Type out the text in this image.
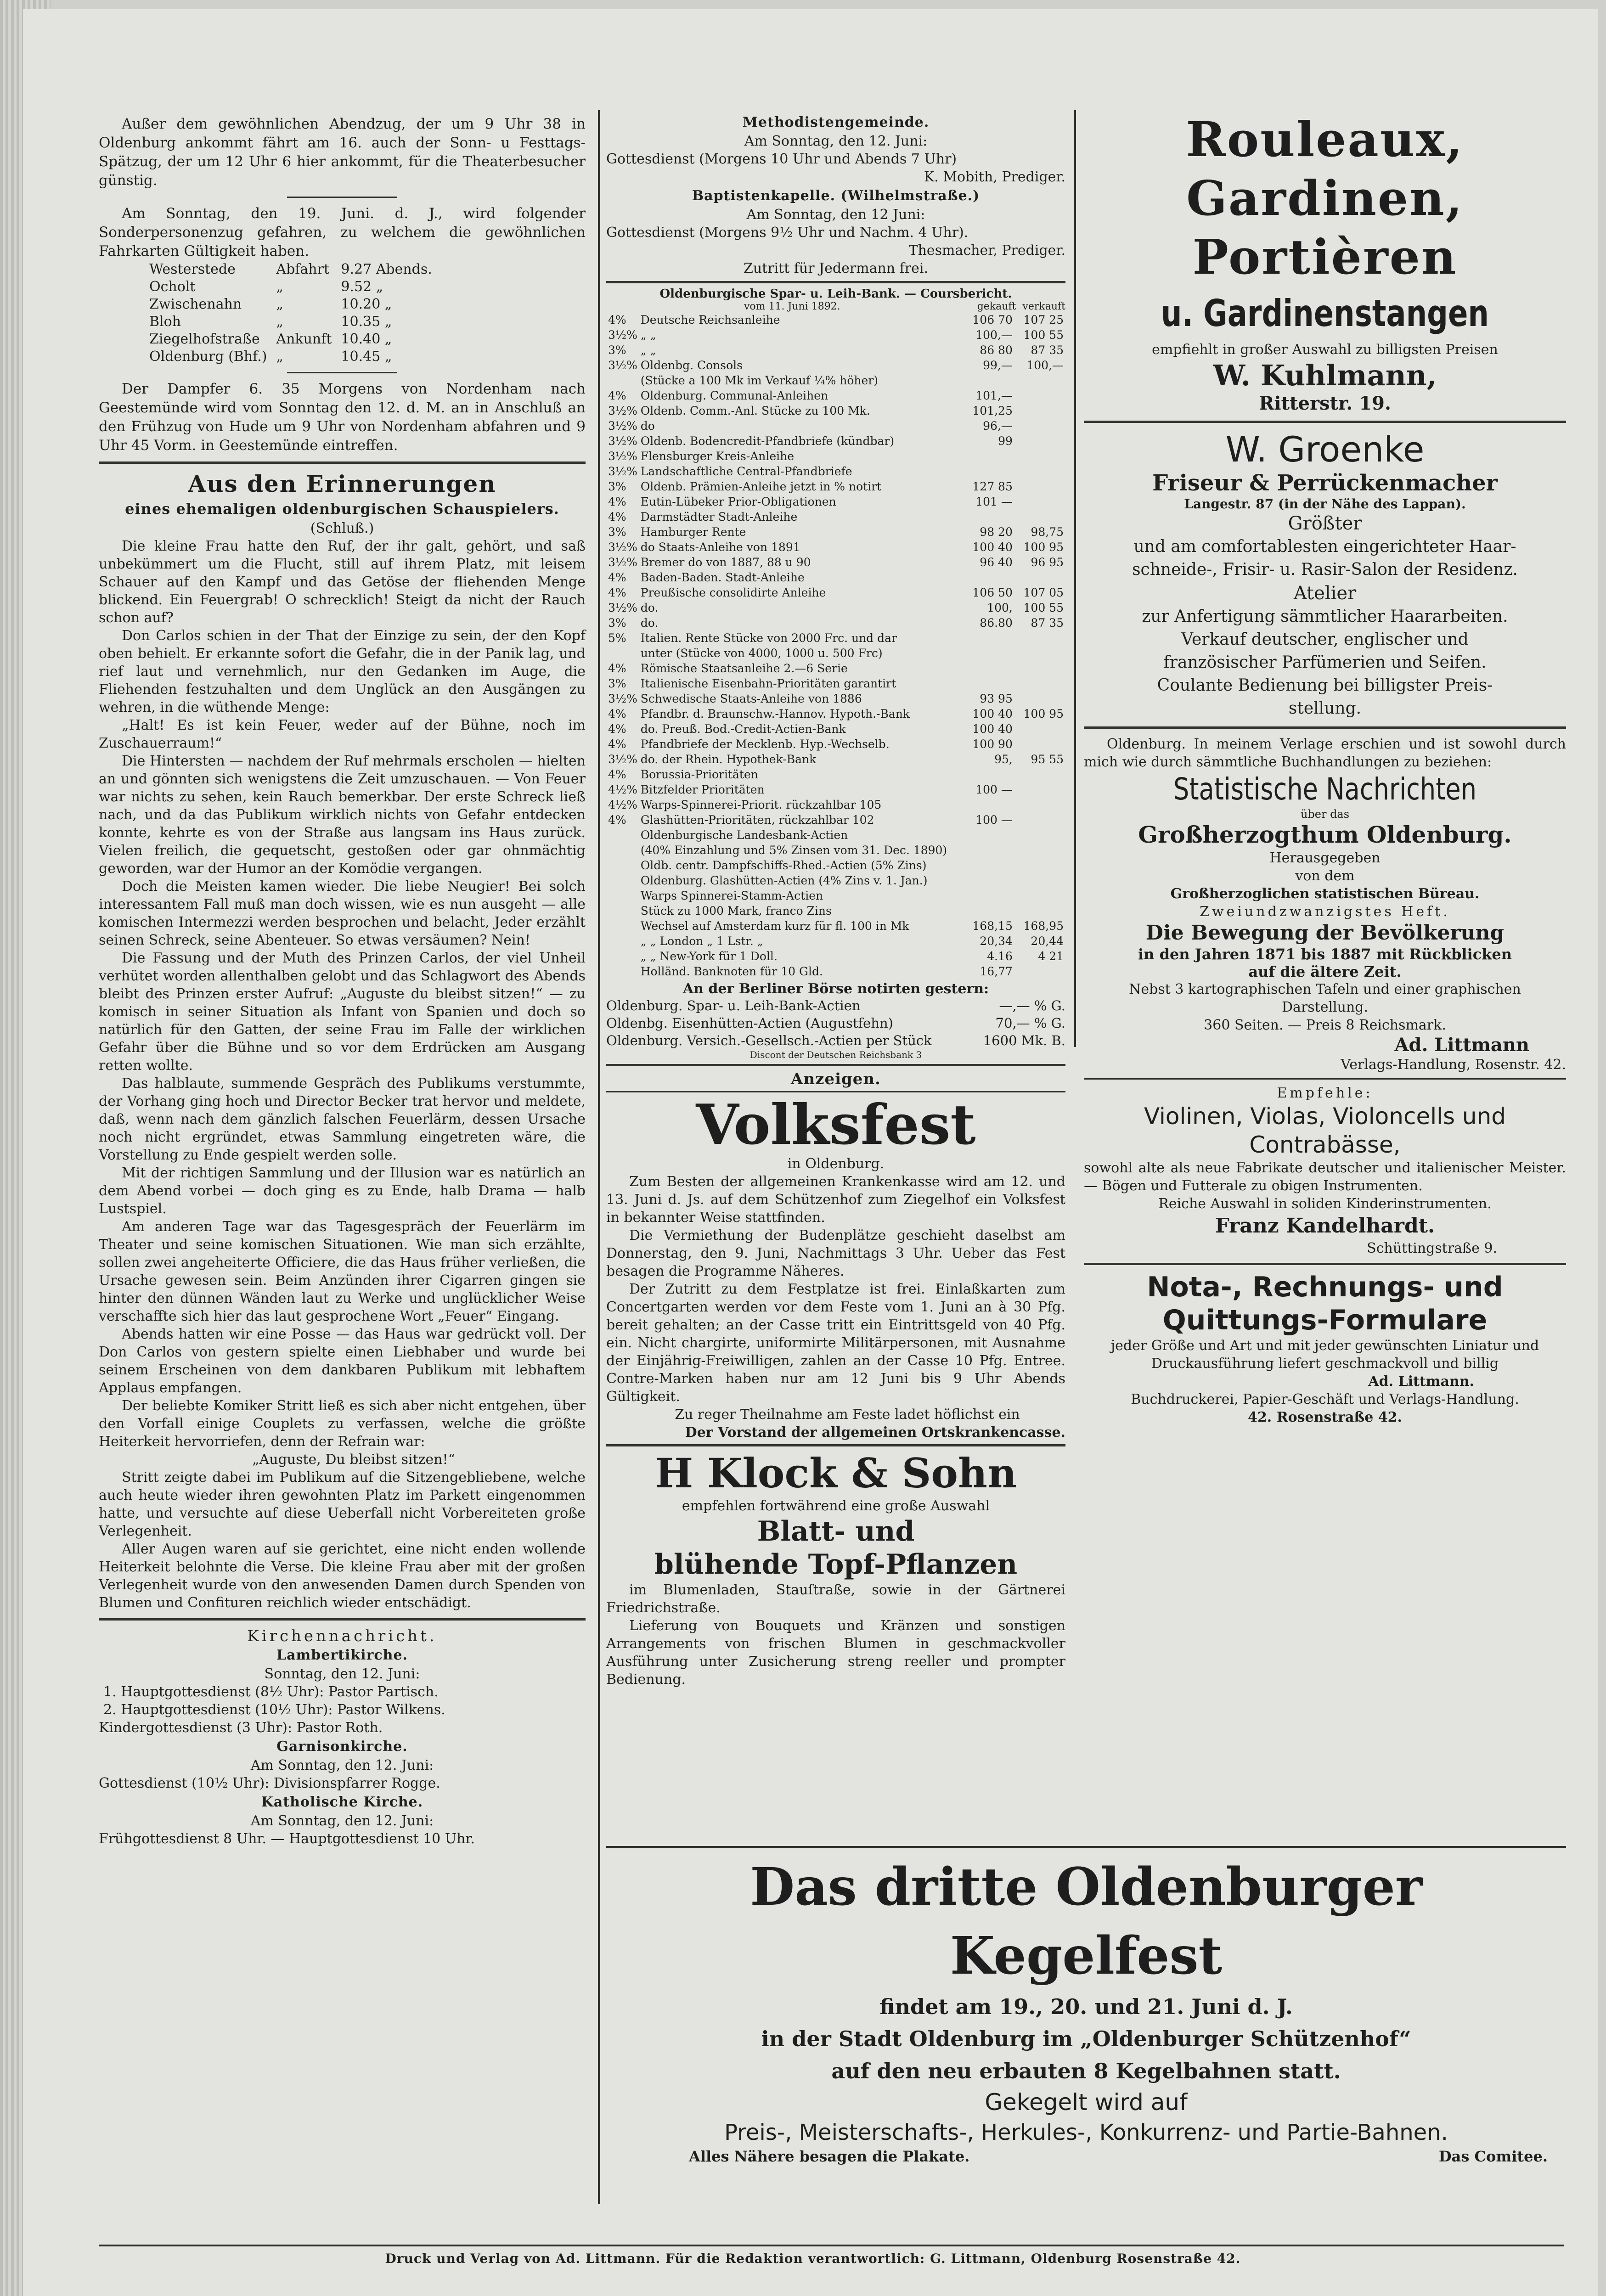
Außer dem gewöhnlichen Abendzug, der um 9 Uhr 38 in Oldenburg ankommt fährt am 16. auch der Sonn- u Festtags-Spätzug, der um 12 Uhr 6 hier ankommt, für die Theaterbesucher günstig.

Am Sonntag, den 19. Juni. d. J., wird folgender Sonderpersonenzug gefahren, zu welchem die gewöhnlichen Fahrkarten Gültigkeit haben.

Westerstede	Abfahrt	9.27 Abends.
Ocholt	„	9.52 „
Zwischenahn	„	10.20 „
Bloh	„	10.35 „
Ziegelhofstraße	Ankunft	10.40 „
Oldenburg (Bhf.)	„	10.45 „

Der Dampfer 6. 35 Morgens von Nordenham nach Geestemünde wird vom Sonntag den 12. d. M. an in Anschluß an den Frühzug von Hude um 9 Uhr von Nordenham abfahren und 9 Uhr 45 Vorm. in Geestemünde eintreffen.

Aus den Erinnerungen
eines ehemaligen oldenburgischen Schauspielers.
(Schluß.)

Die kleine Frau hatte den Ruf, der ihr galt, gehört, und saß unbekümmert um die Flucht, still auf ihrem Platz, mit leisem Schauer auf den Kampf und das Getöse der fliehenden Menge blickend. Ein Feuergrab! O schrecklich! Steigt da nicht der Rauch schon auf?

Don Carlos schien in der That der Einzige zu sein, der den Kopf oben behielt. Er erkannte sofort die Gefahr, die in der Panik lag, und rief laut und vernehmlich, nur den Gedanken im Auge, die Fliehenden festzuhalten und dem Unglück an den Ausgängen zu wehren, in die wüthende Menge:

„Halt! Es ist kein Feuer, weder auf der Bühne, noch im Zuschauerraum!“

Die Hintersten — nachdem der Ruf mehrmals erscholen — hielten an und gönnten sich wenigstens die Zeit umzuschauen. — Von Feuer war nichts zu sehen, kein Rauch bemerkbar. Der erste Schreck ließ nach, und da das Publikum wirklich nichts von Gefahr entdecken konnte, kehrte es von der Straße aus langsam ins Haus zurück. Vielen freilich, die gequetscht, gestoßen oder gar ohnmächtig geworden, war der Humor an der Komödie vergangen.

Doch die Meisten kamen wieder. Die liebe Neugier! Bei solch interessantem Fall muß man doch wissen, wie es nun ausgeht — alle komischen Intermezzi werden besprochen und belacht, Jeder erzählt seinen Schreck, seine Abenteuer. So etwas versäumen? Nein!

Die Fassung und der Muth des Prinzen Carlos, der viel Unheil verhütet worden allenthalben gelobt und das Schlagwort des Abends bleibt des Prinzen erster Aufruf: „Auguste du bleibst sitzen!“ — zu komisch in seiner Situation als Infant von Spanien und doch so natürlich für den Gatten, der seine Frau im Falle der wirklichen Gefahr über die Bühne und so vor dem Erdrücken am Ausgang retten wollte.

Das halblaute, summende Gespräch des Publikums verstummte, der Vorhang ging hoch und Director Becker trat hervor und meldete, daß, wenn nach dem gänzlich falschen Feuerlärm, dessen Ursache noch nicht ergründet, etwas Sammlung eingetreten wäre, die Vorstellung zu Ende gespielt werden solle.

Mit der richtigen Sammlung und der Illusion war es natürlich an dem Abend vorbei — doch ging es zu Ende, halb Drama — halb Lustspiel.

Am anderen Tage war das Tagesgespräch der Feuerlärm im Theater und seine komischen Situationen. Wie man sich erzählte, sollen zwei angeheiterte Officiere, die das Haus früher verließen, die Ursache gewesen sein. Beim Anzünden ihrer Cigarren gingen sie hinter den dünnen Wänden laut zu Werke und unglücklicher Weise verschaffte sich hier das laut gesprochene Wort „Feuer“ Eingang.

Abends hatten wir eine Posse — das Haus war gedrückt voll. Der Don Carlos von gestern spielte einen Liebhaber und wurde bei seinem Erscheinen von dem dankbaren Publikum mit lebhaftem Applaus empfangen.

Der beliebte Komiker Stritt ließ es sich aber nicht entgehen, über den Vorfall einige Couplets zu verfassen, welche die größte Heiterkeit hervorriefen, denn der Refrain war:

„Auguste, Du bleibst sitzen!“

Stritt zeigte dabei im Publikum auf die Sitzengebliebene, welche auch heute wieder ihren gewohnten Platz im Parkett eingenommen hatte, und versuchte auf diese Ueberfall nicht Vorbereiteten große Verlegenheit.

Aller Augen waren auf sie gerichtet, eine nicht enden wollende Heiterkeit belohnte die Verse. Die kleine Frau aber mit der großen Verlegenheit wurde von den anwesenden Damen durch Spenden von Blumen und Confituren reichlich wieder entschädigt.

Kirchennachricht.
Lambertikirche.
Sonntag, den 12. Juni:
1. Hauptgottesdienst (8½ Uhr): Pastor Partisch.
2. Hauptgottesdienst (10½ Uhr): Pastor Wilkens.
Kindergottesdienst (3 Uhr): Pastor Roth.
Garnisonkirche.
Am Sonntag, den 12. Juni:
Gottesdienst (10½ Uhr): Divisionspfarrer Rogge.
Katholische Kirche.
Am Sonntag, den 12. Juni:
Frühgottesdienst 8 Uhr. — Hauptgottesdienst 10 Uhr.
Methodistengemeinde.
Am Sonntag, den 12. Juni:
Gottesdienst (Morgens 10 Uhr und Abends 7 Uhr)
K. Mobith, Prediger.
Baptistenkapelle. (Wilhelmstraße.)
Am Sonntag, den 12 Juni:
Gottesdienst (Morgens 9½ Uhr und Nachm. 4 Uhr).
Thesmacher, Prediger.
Zutritt für Jedermann frei.
Oldenburgische Spar- u. Leih-Bank. — Coursbericht.
vom 11. Juni 1892.	gekauft verkauft
4%	Deutsche Reichsanleihe	106 70	107 25
3½%	„ „	100,—	100 55
3%	„ „	86 80	87 35
3½%	Oldenbg. Consols	99,—	100,—
	(Stücke a 100 Mk im Verkauf ¼% höher)		
4%	Oldenburg. Communal-Anleihen	101,—	
3½%	Oldenb. Comm.-Anl. Stücke zu 100 Mk.	101,25	
3½%	do	96,—	
3½%	Oldenb. Bodencredit-Pfandbriefe (kündbar)	99	
3½%	Flensburger Kreis-Anleihe		
3½%	Landschaftliche Central-Pfandbriefe		
3%	Oldenb. Prämien-Anleihe jetzt in % notirt	127 85	
4%	Eutin-Lübeker Prior-Obligationen	101 —	
4%	Darmstädter Stadt-Anleihe		
3%	Hamburger Rente	98 20	98,75
3½%	do Staats-Anleihe von 1891	100 40	100 95
3½%	Bremer do von 1887, 88 u 90	96 40	96 95
4%	Baden-Baden. Stadt-Anleihe		
4%	Preußische consolidirte Anleihe	106 50	107 05
3½%	do.	100,	100 55
3%	do.	86.80	87 35
5%	Italien. Rente Stücke von 2000 Frc. und dar		
	unter (Stücke von 4000, 1000 u. 500 Frc)		
4%	Römische Staatsanleihe 2.—6 Serie		
3%	Italienische Eisenbahn-Prioritäten garantirt		
3½%	Schwedische Staats-Anleihe von 1886	93 95	
4%	Pfandbr. d. Braunschw.-Hannov. Hypoth.-Bank	100 40	100 95
4%	do. Preuß. Bod.-Credit-Actien-Bank	100 40	
4%	Pfandbriefe der Mecklenb. Hyp.-Wechselb.	100 90	
3½%	do. der Rhein. Hypothek-Bank	95,	95 55
4%	Borussia-Prioritäten		
4½%	Bitzfelder Prioritäten	100 —	
4½%	Warps-Spinnerei-Priorit. rückzahlbar 105		
4%	Glashütten-Prioritäten, rückzahlbar 102	100 —	
	Oldenburgische Landesbank-Actien		
	(40% Einzahlung und 5% Zinsen vom 31. Dec. 1890)		
	Oldb. centr. Dampfschiffs-Rhed.-Actien (5% Zins)		
	Oldenburg. Glashütten-Actien (4% Zins v. 1. Jan.)		
	Warps Spinnerei-Stamm-Actien		
	Stück zu 1000 Mark, franco Zins		
	Wechsel auf Amsterdam kurz für fl. 100 in Mk	168,15	168,95
	„ „ London „ 1 Lstr. „	20,34	20,44
	„ „ New-York für 1 Doll.	4.16	4 21
	Holländ. Banknoten für 10 Gld.	16,77	
An der Berliner Börse notirten gestern:
Oldenburg. Spar- u. Leih-Bank-Actien	—,— % G.
Oldenbg. Eisenhütten-Actien (Augustfehn)	70,— % G.
Oldenburg. Versich.-Gesellsch.-Actien per Stück	1600 Mk. B.
Discont der Deutschen Reichsbank 3
Anzeigen.
Volksfest
in Oldenburg.

Zum Besten der allgemeinen Krankenkasse wird am 12. und 13. Juni d. Js. auf dem Schützenhof zum Ziegelhof ein Volksfest in bekannter Weise stattfinden.

Die Vermiethung der Budenplätze geschieht daselbst am Donnerstag, den 9. Juni, Nachmittags 3 Uhr. Ueber das Fest besagen die Programme Näheres.

Der Zutritt zu dem Festplatze ist frei. Einlaßkarten zum Concertgarten werden vor dem Feste vom 1. Juni an à 30 Pfg. bereit gehalten; an der Casse tritt ein Eintrittsgeld von 40 Pfg. ein. Nicht chargirte, uniformirte Militärpersonen, mit Ausnahme der Einjährig-Freiwilligen, zahlen an der Casse 10 Pfg. Entree. Contre-Marken haben nur am 12 Juni bis 9 Uhr Abends Gültigkeit.

Zu reger Theilnahme am Feste ladet höflichst ein

Der Vorstand der allgemeinen Ortskrankencasse.
H Klock & Sohn
empfehlen fortwährend eine große Auswahl
Blatt- und
blühende Topf-Pflanzen

im Blumenladen, Stauſtraße, sowie in der Gärtnerei Friedrichstraße.

Lieferung von Bouquets und Kränzen und sonstigen Arrangements von frischen Blumen in geschmackvoller Ausführung unter Zusicherung streng reeller und prompter Bedienung.

Rouleaux,
Gardinen,
Portièren
u. Gardinenstangen
empfiehlt in großer Auswahl zu billigsten Preisen
W. Kuhlmann,
Ritterstr. 19.
W. Groenke
Friseur & Perrückenmacher
Langestr. 87 (in der Nähe des Lappan).
Größter
und am comfortablesten eingerichteter Haar-
schneide-, Frisir- u. Rasir-Salon der Residenz.
Atelier
zur Anfertigung sämmtlicher Haararbeiten.
Verkauf deutscher, englischer und
französischer Parfümerien und Seifen.
Coulante Bedienung bei billigster Preis-
stellung.

Oldenburg. In meinem Verlage erschien und ist sowohl durch mich wie durch sämmtliche Buchhandlungen zu beziehen:

Statistische Nachrichten
über das
Großherzogthum Oldenburg.
Herausgegeben
von dem
Großherzoglichen statistischen Büreau.
Zweiundzwanzigstes Heft.
Die Bewegung der Bevölkerung
in den Jahren 1871 bis 1887 mit Rückblicken
auf die ältere Zeit.
Nebst 3 kartographischen Tafeln und einer graphischen Darstellung.
360 Seiten. — Preis 8 Reichsmark.
Ad. Littmann
Verlags-Handlung, Rosenstr. 42.
Empfehle:
Violinen, Violas, Violoncells und Contrabässe,

sowohl alte als neue Fabrikate deutscher und italienischer Meister. — Bögen und Futterale zu obigen Instrumenten.

Reiche Auswahl in soliden Kinderinstrumenten.
Franz Kandelhardt.
Schüttingstraße 9.
Nota-, Rechnungs- und
Quittungs-Formulare

jeder Größe und Art und mit jeder gewünschten Liniatur und Druckausführung liefert geschmackvoll und billig

Ad. Littmann.
Buchdruckerei, Papier-Geschäft und Verlags-Handlung.
42. Rosenstraße 42.
Das dritte Oldenburger Kegelfest
findet am 19., 20. und 21. Juni d. J.
in der Stadt Oldenburg im „Oldenburger Schützenhof“
auf den neu erbauten 8 Kegelbahnen statt.
Gekegelt wird auf
Preis-, Meisterschafts-, Herkules-, Konkurrenz- und Partie-Bahnen.
Alles Nähere besagen die Plakate.	Das Comitee.
Druck und Verlag von Ad. Littmann. Für die Redaktion verantwortlich: G. Littmann, Oldenburg Rosenstraße 42.
